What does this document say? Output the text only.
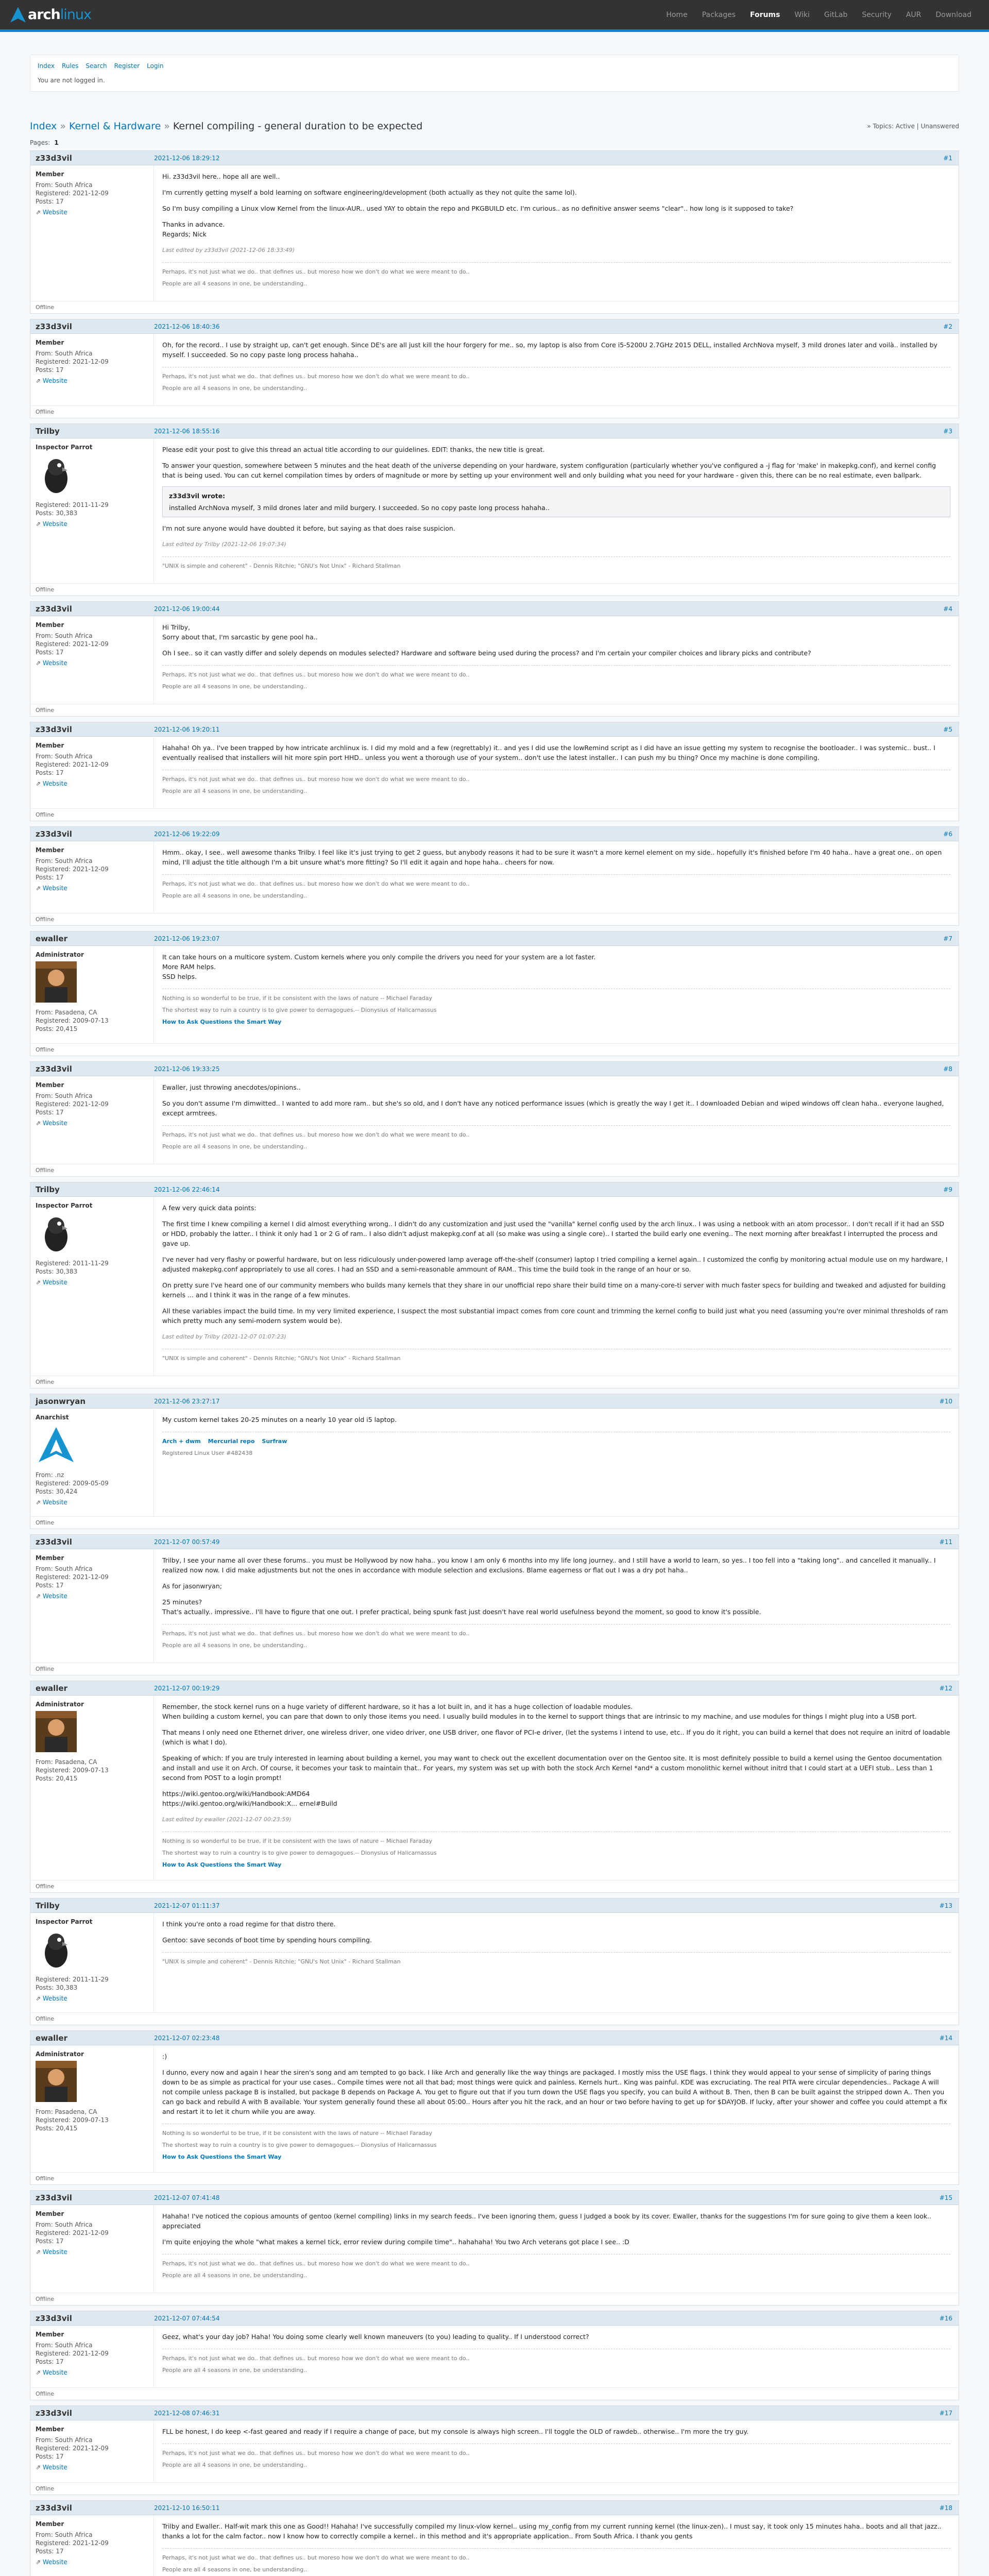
archlinux	Home	Packages	Forums	Wiki	GitLab	Security	AUR	Download
Index Rules Search Register Login
You are not logged in.
Index » Kernel & Hardware » Kernel compiling - general duration to be expected	» Topics: Active | Unanswered
Pages: 1
z33d3vil	2021-12-06 18:29:12	#1
Member
From: South Africa
Registered: 2021-12-09
Posts: 17
⇗ Website

Hi. z33d3vil here.. hope all are well..

I'm currently getting myself a bold learning on software engineering/development (both actually as they not quite the same lol).

So I'm busy compiling a Linux vlow Kernel from the linux-AUR.. used YAY to obtain the repo and PKGBUILD etc. I'm curious.. as no definitive answer seems "clear".. how long is it supposed to take?

Thanks in advance.
Regards; Nick

Last edited by z33d3vil (2021-12-06 18:33:49)

Perhaps, it's not just what we do.. that defines us.. but moreso how we don't do what we were meant to do..

People are all 4 seasons in one, be understanding..

Offline
z33d3vil	2021-12-06 18:40:36	#2
Member
From: South Africa
Registered: 2021-12-09
Posts: 17
⇗ Website

Oh, for the record.. I use by straight up, can't get enough. Since DE's are all just kill the hour forgery for me.. so, my laptop is also from Core i5-5200U 2.7GHz 2015 DELL, installed ArchNova myself, 3 mild drones later and voilà.. installed by myself. I succeeded. So no copy paste long process hahaha..

Perhaps, it's not just what we do.. that defines us.. but moreso how we don't do what we were meant to do..

People are all 4 seasons in one, be understanding..

Offline
Trilby	2021-12-06 18:55:16	#3
Inspector Parrot
Registered: 2011-11-29
Posts: 30,383
⇗ Website

Please edit your post to give this thread an actual title according to our guidelines. EDIT: thanks, the new title is great.

To answer your question, somewhere between 5 minutes and the heat death of the universe depending on your hardware, system configuration (particularly whether you've configured a -j flag for 'make' in makepkg.conf), and kernel config that is being used. You can cut kernel compilation times by orders of magnitude or more by setting up your environment well and only building what you need for your hardware - given this, there can be no real estimate, even ballpark.

z33d3vil wrote:
installed ArchNova myself, 3 mild drones later and mild burgery. I succeeded. So no copy paste long process hahaha..

I'm not sure anyone would have doubted it before, but saying as that does raise suspicion.

Last edited by Trilby (2021-12-06 19:07:34)

"UNIX is simple and coherent" - Dennis Ritchie; "GNU's Not Unix" - Richard Stallman

Offline
z33d3vil	2021-12-06 19:00:44	#4
Member
From: South Africa
Registered: 2021-12-09
Posts: 17
⇗ Website

Hi Trilby,
Sorry about that, I'm sarcastic by gene pool ha..

Oh I see.. so it can vastly differ and solely depends on modules selected? Hardware and software being used during the process? and I'm certain your compiler choices and library picks and contribute?

Perhaps, it's not just what we do.. that defines us.. but moreso how we don't do what we were meant to do..

People are all 4 seasons in one, be understanding..

Offline
z33d3vil	2021-12-06 19:20:11	#5
Member
From: South Africa
Registered: 2021-12-09
Posts: 17
⇗ Website

Hahaha! Oh ya.. I've been trapped by how intricate archlinux is. I did my mold and a few (regrettably) it.. and yes I did use the lowRemind script as I did have an issue getting my system to recognise the bootloader.. I was systemic.. bust.. I eventually realised that installers will hit more spin port HHD.. unless you went a thorough use of your system.. don't use the latest installer.. I can push my bu thing? Once my machine is done compiling.

Perhaps, it's not just what we do.. that defines us.. but moreso how we don't do what we were meant to do..

People are all 4 seasons in one, be understanding..

Offline
z33d3vil	2021-12-06 19:22:09	#6
Member
From: South Africa
Registered: 2021-12-09
Posts: 17
⇗ Website

Hmm.. okay, I see.. well awesome thanks Trilby. I feel like it's just trying to get 2 guess, but anybody reasons it had to be sure it wasn't a more kernel element on my side.. hopefully it's finished before I'm 40 haha.. have a great one.. on open mind, I'll adjust the title although I'm a bit unsure what's more fitting? So I'll edit it again and hope haha.. cheers for now.

Perhaps, it's not just what we do.. that defines us.. but moreso how we don't do what we were meant to do..

People are all 4 seasons in one, be understanding..

Offline
ewaller	2021-12-06 19:23:07	#7
Administrator
From: Pasadena, CA
Registered: 2009-07-13
Posts: 20,415

It can take hours on a multicore system. Custom kernels where you only compile the drivers you need for your system are a lot faster.
More RAM helps.
SSD helps.

Nothing is so wonderful to be true, if it be consistent with the laws of nature -- Michael Faraday

The shortest way to ruin a country is to give power to demagogues.-- Dionysius of Halicarnassus

How to Ask Questions the Smart Way
Offline
z33d3vil	2021-12-06 19:33:25	#8
Member
From: South Africa
Registered: 2021-12-09
Posts: 17
⇗ Website

Ewaller, just throwing anecdotes/opinions..

So you don't assume I'm dimwitted.. I wanted to add more ram.. but she's so old, and I don't have any noticed performance issues (which is greatly the way I get it.. I downloaded Debian and wiped windows off clean haha.. everyone laughed, except armtrees.

Perhaps, it's not just what we do.. that defines us.. but moreso how we don't do what we were meant to do..

People are all 4 seasons in one, be understanding..

Offline
Trilby	2021-12-06 22:46:14	#9
Inspector Parrot
Registered: 2011-11-29
Posts: 30,383
⇗ Website

A few very quick data points:

The first time I knew compiling a kernel I did almost everything wrong.. I didn't do any customization and just used the "vanilla" kernel config used by the arch linux.. I was using a netbook with an atom processor.. I don't recall if it had an SSD or HDD, probably the latter.. I think it only had 1 or 2 G of ram.. I also didn't adjust makepkg.conf at all (so make was using a single core).. I started the build early one evening.. The next morning after breakfast I interrupted the process and gave up.

I've never had very flashy or powerful hardware, but on less ridiculously under-powered lamp average off-the-shelf (consumer) laptop I tried compiling a kernel again.. I customized the config by monitoring actual module use on my hardware, I adjusted makepkg.conf appropriately to use all cores. I had an SSD and a semi-reasonable ammount of RAM.. This time the build took in the range of an hour or so.

On pretty sure I've heard one of our community members who builds many kernels that they share in our unofficial repo share their build time on a many-core-ti server with much faster specs for building and tweaked and adjusted for building kernels ... and I think it was in the range of a few minutes.

All these variables impact the build time. In my very limited experience, I suspect the most substantial impact comes from core count and trimming the kernel config to build just what you need (assuming you're over minimal thresholds of ram which pretty much any semi-modern system would be).

Last edited by Trilby (2021-12-07 01:07:23)

"UNIX is simple and coherent" - Dennis Ritchie; "GNU's Not Unix" - Richard Stallman

Offline
jasonwryan	2021-12-06 23:27:17	#10
Anarchist
From: .nz
Registered: 2009-05-09
Posts: 30,424
⇗ Website

My custom kernel takes 20-25 minutes on a nearly 10 year old i5 laptop.

Arch + dwm Mercurial repo Surfraw

Registered Linux User #482438

Offline
z33d3vil	2021-12-07 00:57:49	#11
Member
From: South Africa
Registered: 2021-12-09
Posts: 17
⇗ Website

Trilby, I see your name all over these forums.. you must be Hollywood by now haha.. you know I am only 6 months into my life long journey.. and I still have a world to learn, so yes.. I too fell into a "taking long".. and cancelled it manually.. I realized now now. I did make adjustments but not the ones in accordance with module selection and exclusions. Blame eagerness or flat out I was a dry pot haha..

As for jasonwryan;

25 minutes?
That's actually.. impressive.. I'll have to figure that one out. I prefer practical, being spunk fast just doesn't have real world usefulness beyond the moment, so good to know it's possible.

Perhaps, it's not just what we do.. that defines us.. but moreso how we don't do what we were meant to do..

People are all 4 seasons in one, be understanding..

Offline
ewaller	2021-12-07 00:19:29	#12
Administrator
From: Pasadena, CA
Registered: 2009-07-13
Posts: 20,415

Remember, the stock kernel runs on a huge variety of different hardware, so it has a lot built in, and it has a huge collection of loadable modules.
When building a custom kernel, you can pare that down to only those items you need. I usually build modules in to the kernel to support things that are intrinsic to my machine, and use modules for things I might plug into a USB port.

That means I only need one Ethernet driver, one wireless driver, one video driver, one USB driver, one flavor of PCI-e driver, (let the systems I intend to use, etc.. If you do it right, you can build a kernel that does not require an initrd of loadable (which is what I do).

Speaking of which: If you are truly interested in learning about building a kernel, you may want to check out the excellent documentation over on the Gentoo site. It is most definitely possible to build a kernel using the Gentoo documentation and install and use it on Arch. Of course, it becomes your task to maintain that.. For years, my system was set up with both the stock Arch Kernel *and* a custom monolithic kernel without initrd that I could start at a UEFI stub.. Less than 1 second from POST to a login prompt!

https://wiki.gentoo.org/wiki/Handbook:AMD64
https://wiki.gentoo.org/wiki/Handbook:X... ernel#Build

Last edited by ewaller (2021-12-07 00:23:59)

Nothing is so wonderful to be true, if it be consistent with the laws of nature -- Michael Faraday

The shortest way to ruin a country is to give power to demagogues.-- Dionysius of Halicarnassus

How to Ask Questions the Smart Way
Offline
Trilby	2021-12-07 01:11:37	#13
Inspector Parrot
Registered: 2011-11-29
Posts: 30,383
⇗ Website

I think you're onto a road regime for that distro there.

Gentoo: save seconds of boot time by spending hours compiling.

"UNIX is simple and coherent" - Dennis Ritchie; "GNU's Not Unix" - Richard Stallman

Offline
ewaller	2021-12-07 02:23:48	#14
Administrator
From: Pasadena, CA
Registered: 2009-07-13
Posts: 20,415

:)

I dunno, every now and again I hear the siren's song and am tempted to go back. I like Arch and generally like the way things are packaged. I mostly miss the USE flags. I think they would appeal to your sense of simplicity of paring things down to be as simple as practical for your use cases.. Compile times were not all that bad; most things were quick and painless. Kernels hurt.. King was painful. KDE was excruciating. The real PITA were circular dependencies.. Package A will not compile unless package B is installed, but package B depends on Package A. You get to figure out that if you turn down the USE flags you specify, you can build A without B. Then, then B can be built against the stripped down A.. Then you can go back and rebuild A with B available. Your system generally found these all about 05:00.. Hours after you hit the rack, and an hour or two before having to get up for $DAYJOB. If lucky, after your shower and coffee you could attempt a fix and restart it to let it churn while you are away.

Nothing is so wonderful to be true, if it be consistent with the laws of nature -- Michael Faraday

The shortest way to ruin a country is to give power to demagogues.-- Dionysius of Halicarnassus

How to Ask Questions the Smart Way
Offline
z33d3vil	2021-12-07 07:41:48	#15
Member
From: South Africa
Registered: 2021-12-09
Posts: 17
⇗ Website

Hahaha! I've noticed the copious amounts of gentoo (kernel compiling) links in my search feeds.. I've been ignoring them, guess I judged a book by its cover. Ewaller, thanks for the suggestions I'm for sure going to give them a keen look.. appreciated

I'm quite enjoying the whole "what makes a kernel tick, error review during compile time".. hahahaha! You two Arch veterans got place I see.. :D

Perhaps, it's not just what we do.. that defines us.. but moreso how we don't do what we were meant to do..

People are all 4 seasons in one, be understanding..

Offline
z33d3vil	2021-12-07 07:44:54	#16
Member
From: South Africa
Registered: 2021-12-09
Posts: 17
⇗ Website

Geez, what's your day job? Haha! You doing some clearly well known maneuvers (to you) leading to quality.. If I understood correct?

Perhaps, it's not just what we do.. that defines us.. but moreso how we don't do what we were meant to do..

People are all 4 seasons in one, be understanding..

Offline
z33d3vil	2021-12-08 07:46:31	#17
Member
From: South Africa
Registered: 2021-12-09
Posts: 17
⇗ Website

FLL be honest, I do keep <-fast geared and ready if I require a change of pace, but my console is always high screen.. I'll toggle the OLD of rawdeb.. otherwise.. I'm more the try guy.

Perhaps, it's not just what we do.. that defines us.. but moreso how we don't do what we were meant to do..

People are all 4 seasons in one, be understanding..

Offline
z33d3vil	2021-12-10 16:50:11	#18
Member
From: South Africa
Registered: 2021-12-09
Posts: 17
⇗ Website

Trilby and Ewaller.. Half-wit mark this one as Good!! Hahaha! I've successfully compiled my linux-vlow kernel.. using my_config from my current running kernel (the linux-zen).. I must say, it took only 15 minutes haha.. boots and all that jazz.. thanks a lot for the calm factor.. now I know how to correctly compile a kernel.. in this method and it's appropriate application.. From South Africa. I thank you gents

Perhaps, it's not just what we do.. that defines us.. but moreso how we don't do what we were meant to do..

People are all 4 seasons in one, be understanding..
